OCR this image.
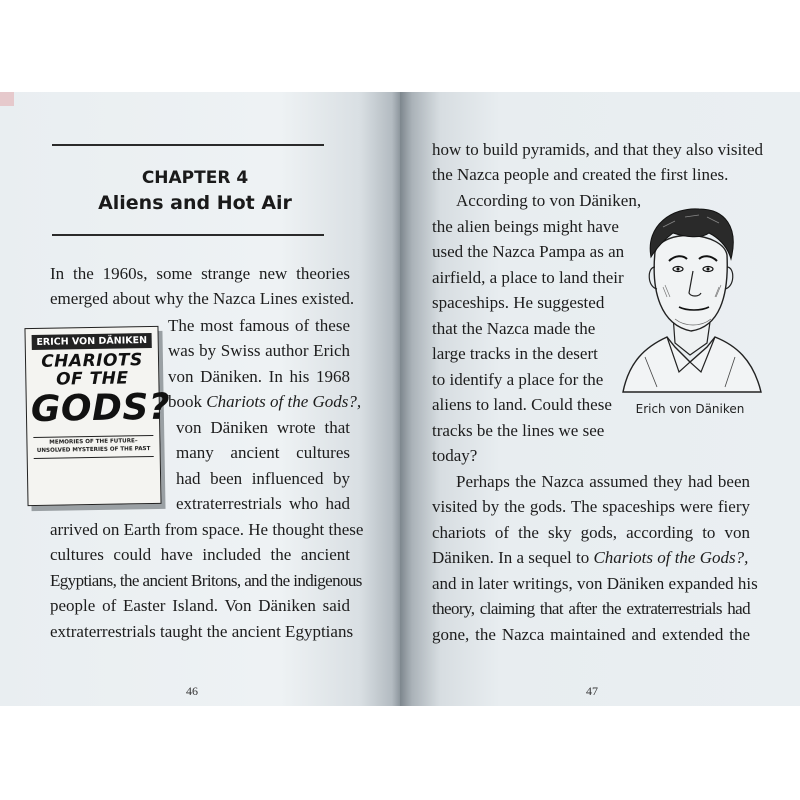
CHAPTER 4
Aliens and Hot Air
ERICH VON DÄNIKEN
CHARIOTS OF THE
GODS?
MEMORIES OF THE FUTURE–UNSOLVED MYSTERIES OF THE PAST
In the 1960s, some strange new theories
emerged about why the Nazca Lines existed.
The most famous of these
was by Swiss author Erich
von Däniken. In his 1968
book Chariots of the Gods?,
von Däniken wrote that
many ancient cultures
had been influenced by
extraterrestrials who had
arrived on Earth from space. He thought these
cultures could have included the ancient
Egyptians, the ancient Britons, and the indigenous
people of Easter Island. Von Däniken said
extraterrestrials taught the ancient Egyptians
46
how to build pyramids, and that they also visited
the Nazca people and created the first lines.
According to von Däniken,
the alien beings might have
used the Nazca Pampa as an
airfield, a place to land their
spaceships. He suggested
that the Nazca made the
large tracks in the desert
to identify a place for the
aliens to land. Could these
tracks be the lines we see
today?
Perhaps the Nazca assumed they had been
visited by the gods. The spaceships were fiery
chariots of the sky gods, according to von
Däniken. In a sequel to Chariots of the Gods?,
and in later writings, von Däniken expanded his
theory, claiming that after the extraterrestrials had
gone, the Nazca maintained and extended the
Erich von Däniken
47
